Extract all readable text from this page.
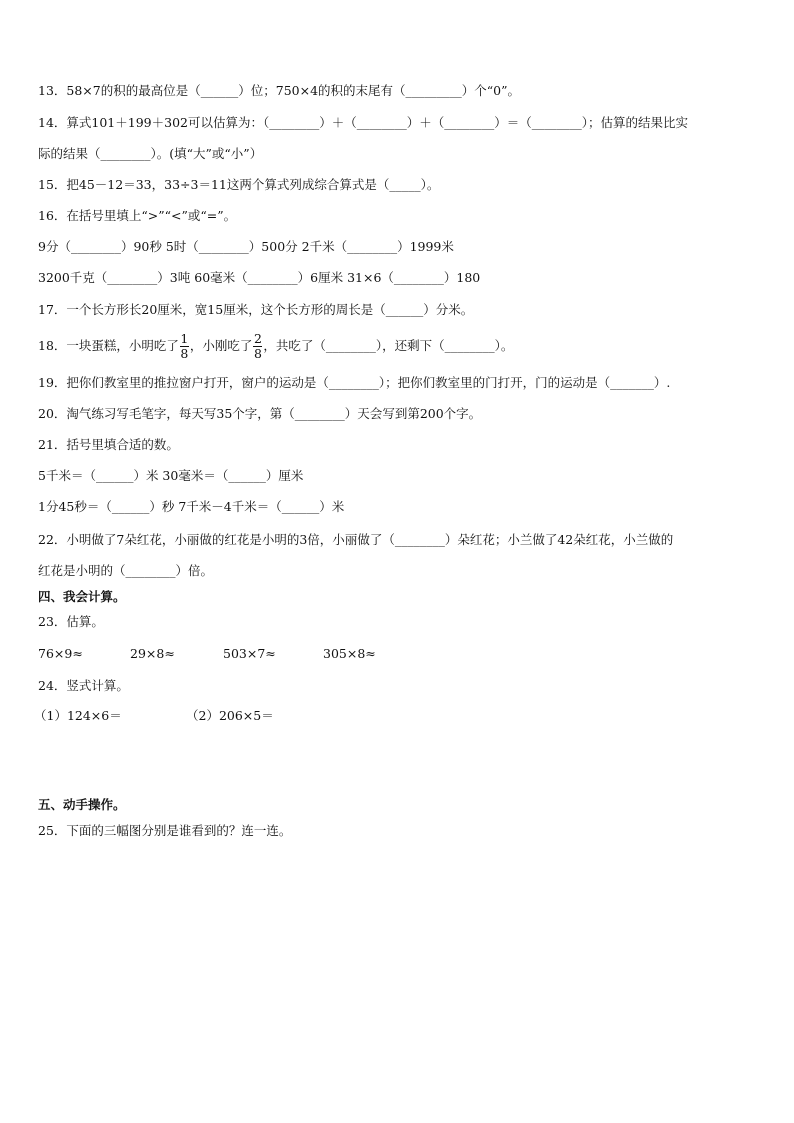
13．58×7的积的最高位是（______）位；750×4的积的末尾有（_________）个“0”。
14．算式101＋199＋302可以估算为：（________）＋（________）＋（________）＝（________）；估算的结果比实
际的结果（________）。(填“大”或“小”）
15．把45－12＝33，33÷3＝11这两个算式列成综合算式是（_____）。
16．在括号里填上“>”“<”或“=”。
9分（________）90秒 5时（________）500分 2千米（________）1999米
3200千克（________）3吨 60毫米（________）6厘米 31×6（________）180
17．一个长方形长20厘米，宽15厘米，这个长方形的周长是（______）分米。
18．一块蛋糕，小明吃了 $\frac{1}{8}$ ，小刚吃了 $\frac{2}{8}$ ，共吃了（________），还剩下（________）。
19．把你们教室里的推拉窗户打开，窗户的运动是（________）；把你们教室里的门打开，门的运动是（_______）.
20．淘气练习写毛笔字，每天写35个字，第（________）天会写到第200个字。
21．括号里填合适的数。
5千米＝（______）米 30毫米＝（______）厘米
1分45秒＝（______）秒 7千米－4千米＝（______）米
22．小明做了7朵红花，小丽做的红花是小明的3倍，小丽做了（________）朵红花；小兰做了42朵红花，小兰做的
红花是小明的（________）倍。
四、我会计算。
23．估算。
76×9≈	29×8≈	503×7≈	305×8≈
24．竖式计算。
（1）124×6＝	（2）206×5＝
五、动手操作。
25．下面的三幅图分别是谁看到的？连一连。
